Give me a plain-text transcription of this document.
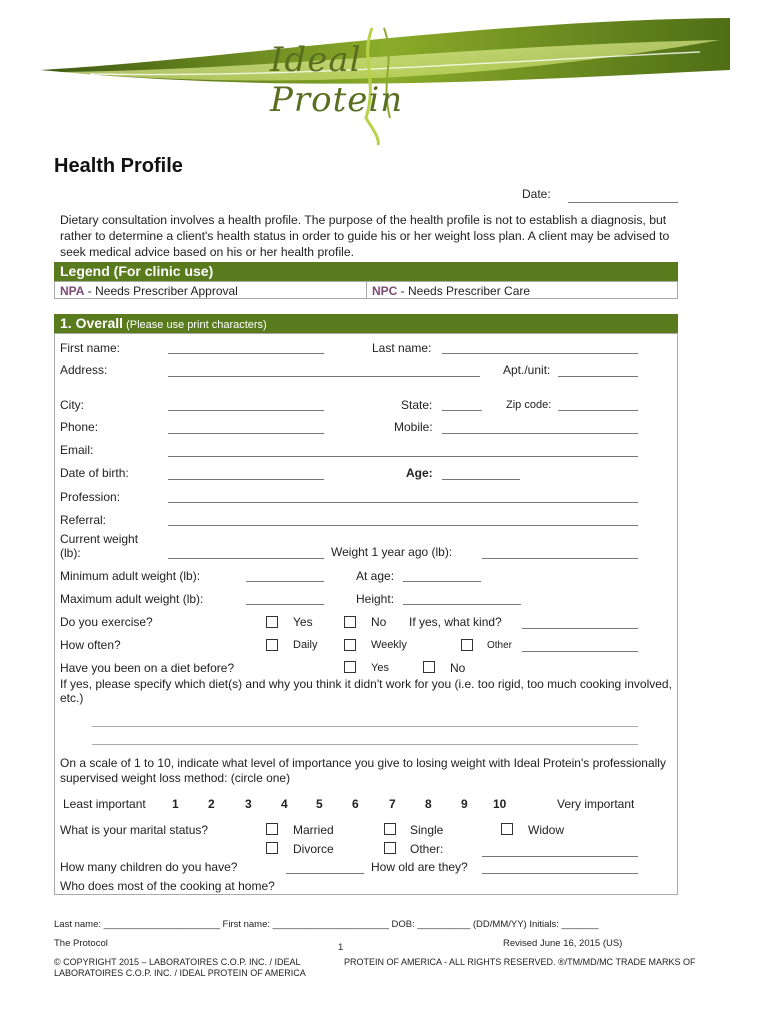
IdealProtein
Health Profile
Date:
Dietary consultation involves a health profile. The purpose of the health profile is not to establish a diagnosis, but rather to determine a client's health status in order to guide his or her weight loss plan. A client may be advised to seek medical advice based on his or her health profile.
Legend (For clinic use)
NPA - Needs Prescriber Approval	NPC - Needs Prescriber Care
1. Overall (Please use print characters)
First name:	Last name:
Address:	Apt./unit:
City:	State:	Zip code:
Phone:	Mobile:
Email:
Date of birth:	Age:
Profession:
Referral:
Current weight
(lb):	Weight 1 year ago (lb):
Minimum adult weight (lb):	At age:
Maximum adult weight (lb):	Height:
Do you exercise?	Yes	No If yes, what kind?
How often?	Daily	Weekly	Other
Have you been on a diet before?	Yes	No
If yes, please specify which diet(s) and why you think it didn't work for you (i.e. too rigid, too much cooking involved, etc.)
On a scale of 1 to 10, indicate what level of importance you give to losing weight with Ideal Protein's professionally supervised weight loss method: (circle one)
Least important 1 2	3 4 5 6	7 8 9 10	Very important
What is your marital status?	Married	Single	Widow
Divorce	Other:
How many children do you have?	How old are they?
Who does most of the cooking at home?
Last name: ______________________ First name: ______________________ DOB: __________ (DD/MM/YY) Initials: _______
The Protocol	1	Revised June 16, 2015 (US)
© COPYRIGHT 2015 – LABORATOIRES C.O.P. INC. / IDEAL
LABORATOIRES C.O.P. INC. / IDEAL PROTEIN OF AMERICA
PROTEIN OF AMERICA - ALL RIGHTS RESERVED. ®/TM/MD/MC TRADE MARKS OF
